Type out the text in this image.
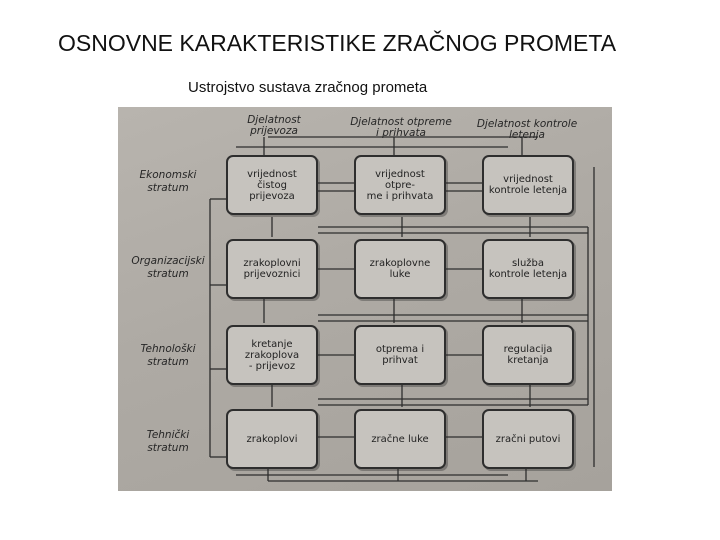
OSNOVNE KARAKTERISTIKE ZRAČNOG PROMETA
Ustrojstvo sustava zračnog prometa
Djelatnost
prijevoza
Djelatnost otpreme
i prihvata
Djelatnost kontrole
letenja
Ekonomski
stratum
Organizacijski
stratum
Tehnološki
stratum
Tehnički
stratum
vrijednost čistog
prijevoza
vrijednost otpre-
me i prihvata
vrijednost
kontrole letenja
zrakoplovni
prijevoznici
zrakoplovne
luke
služba
kontrole letenja
kretanje
zrakoplova
- prijevoz
otprema i
prihvat
regulacija
kretanja
zrakoplovi	zračne luke	zračni putovi
